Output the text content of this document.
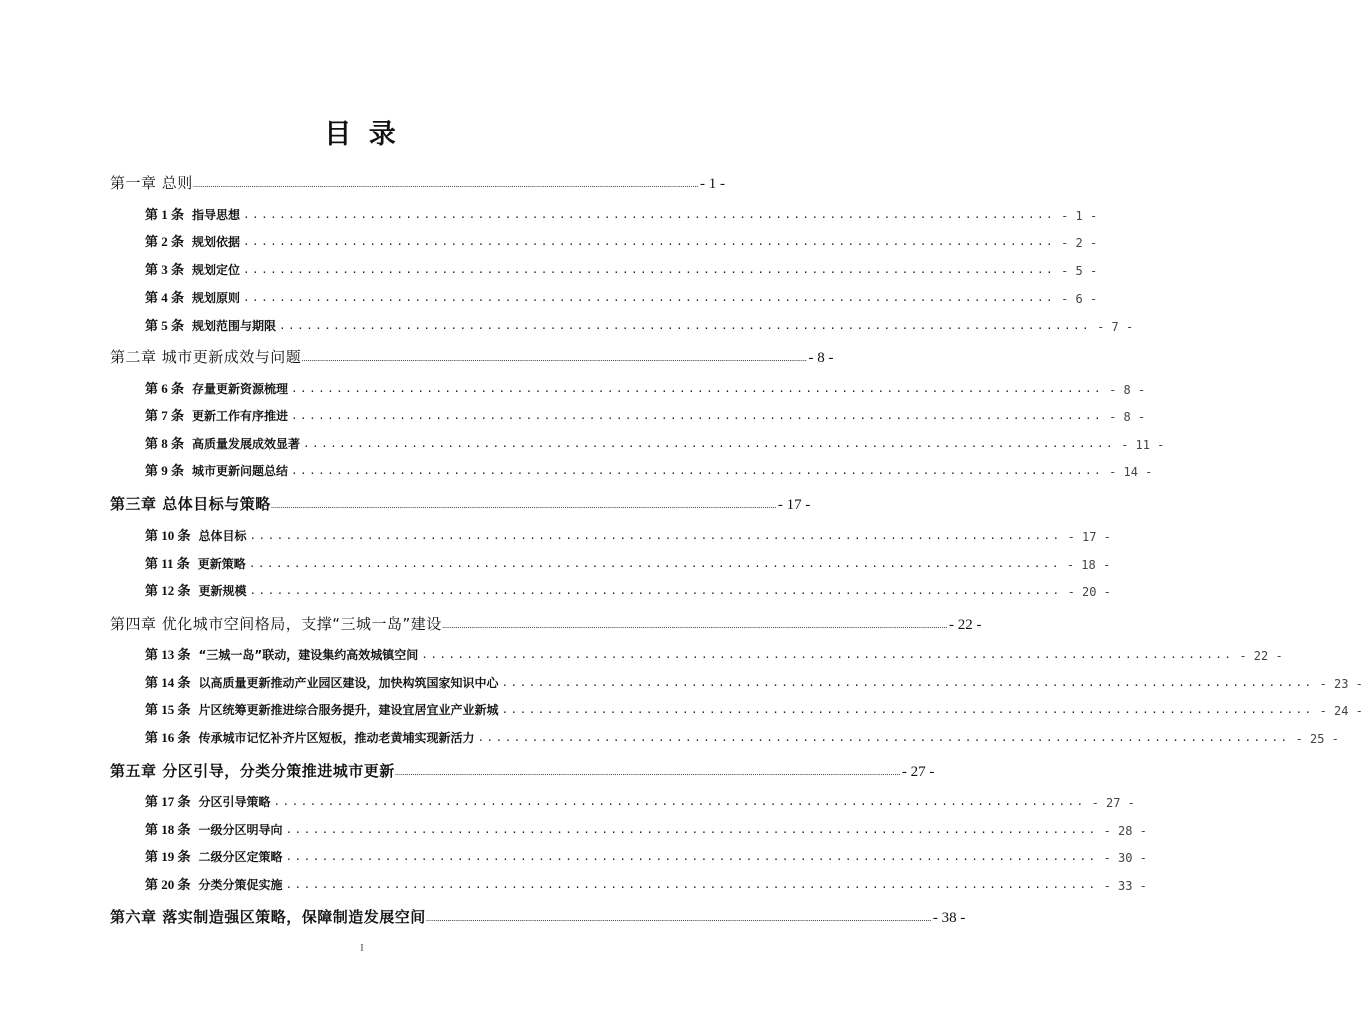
目 录
第一章 总则 .................................................................................................................................................................................................................................................................... - 1 -
第 1 条 指导思想 .......................................................................................... - 1 -
第 2 条 规划依据 .......................................................................................... - 2 -
第 3 条 规划定位 .......................................................................................... - 5 -
第 4 条 规划原则 .......................................................................................... - 6 -
第 5 条 规划范围与期限 .......................................................................................... - 7 -
第二章 城市更新成效与问题 .................................................................................................................................................................................................................................................................... - 8 -
第 6 条 存量更新资源梳理 .......................................................................................... - 8 -
第 7 条 更新工作有序推进 .......................................................................................... - 8 -
第 8 条 高质量发展成效显著 .......................................................................................... - 11 -
第 9 条 城市更新问题总结 .......................................................................................... - 14 -
第三章 总体目标与策略 .................................................................................................................................................................................................................................................................... - 17 -
第 10 条 总体目标 .......................................................................................... - 17 -
第 11 条 更新策略 .......................................................................................... - 18 -
第 12 条 更新规模 .......................................................................................... - 20 -
第四章 优化城市空间格局，支撑“三城一岛”建设 .................................................................................................................................................................................................................................................................... - 22 -
第 13 条 “三城一岛”联动，建设集约高效城镇空间 .......................................................................................... - 22 -
第 14 条 以高质量更新推动产业园区建设，加快构筑国家知识中心 .......................................................................................... - 23 -
第 15 条 片区统筹更新推进综合服务提升，建设宜居宜业产业新城 .......................................................................................... - 24 -
第 16 条 传承城市记忆补齐片区短板，推动老黄埔实现新活力 .......................................................................................... - 25 -
第五章 分区引导，分类分策推进城市更新 .................................................................................................................................................................................................................................................................... - 27 -
第 17 条 分区引导策略 .......................................................................................... - 27 -
第 18 条 一级分区明导向 .......................................................................................... - 28 -
第 19 条 二级分区定策略 .......................................................................................... - 30 -
第 20 条 分类分策促实施 .......................................................................................... - 33 -
第六章 落实制造强区策略，保障制造发展空间 .................................................................................................................................................................................................................................................................... - 38 -
I
